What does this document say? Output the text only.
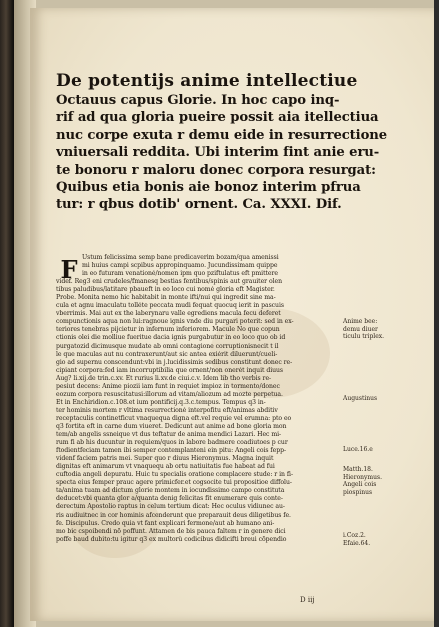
De potentijs anime intellectiue
Octauus capus Glorie. In hoc capo inq-
rif ad qua gloria pueire possit aia itellectiua
nuc corpe exuta r demu eide in resurrectione
vniuersali reddita. Ubi interim fint anie eru-
te bonoru r maloru donec corpora resurgat:
Quibus etia bonis aie bonoz interim pfrua
tur: r qbus dotib' ornent. Ca. XXXI. Dif.
F Ustum felicissima semp bane predicaverim bozam/qua amenissi
mi huius campi scpibus appropinquamo. Jucundissimam quippe
in eo futuram venationé/nomen ipm quo pziftulatus eft pmittere
videf. Reg3 eni crudeles/fmanesq bestias fentibus/spinis aut grauiter olen
tibus paludibus/latitare pbaueft in eo loco cui nomé gloria eft Magister.
Probe. Monita nemo hic habitabit in monte ifti/nui qui ingredit sine ma-
cula et agnu imaculatu tolléte peccata mudi fequat quocuq ierit in pascuis
vberrimis. Mai aut ex the laberynaru valle egrediens macula fecu deferet
compunctionis aqua non lui:ragnoue ignis vnde diu purgari poterit: sed in ex-
teriores tenebras pijcietur in infernum inferiorem. Macule No que copun
ctionis olei die molliue fueritue dacia ignis purgabutur in eo loco quo ob id
purgatozid dicimusque mudate ab omni contagione corruptionisnecit t il
le que maculas aut nu contraxerunt/aut sic antea exiérit diluerunt/cueli-
gio ad supernu conscendunt:vbi in j.lucidissimis sedibus constitunt donec re-
cipiant corpora:fed iam incorruptibilia que ornent/non onerét inquit diuus
Aug? li.xij.de trin.c.xv. Et rurius li.xv.de ciui.c.v. Idem lib tho verbis re-
pesiut decens: Anime piozii iam funt in requiet impioz in tormento/donec
eozum corpora resuscitatusi:illorum ad vitam/aliozum ad mozte perpetua.
Et in Enchiridion.c.108.et ium pontificij.q.3.c.tempus. Tempus q3 in-
ter hominis mortem r vltima resurrectioné interpofitu eft/animas abditiv
receptaculis continetficut vnaquequa digna eft.vel requie vel erumna: pto eo
q3 fortita eft in carne dum viueret. Dedicunt aut anime ad bone gloria mon
tem/ab angelis ssneique vt dus teftatur de anima mendici Lazari. Hec mi-
rum fi ab his ducuntur in requiem/quos in labore badmere coadiutoes p cur
ftodientfeciam tamen ibi semper contemplanteni ein pitu: Angeli cois fepp-
videnf faciem patris mei. Super quo r diuus Hieronymus. Magna inquit
dignitas eft animarum vt vnaquequ ab ortu natiuitatis fue habeat ad fui
cuftodia angeli depuratu. Huic tu specialis oratione complacere stude: r in fi-
specta eius femper prauc agere primicfer.et cogsocite tui propositioe diffolu-
ta/anima tuam ad dictum glorie montem in iocundissimo campo constituta
deducet:vbi quanta glor a/quanta denig felicitas fit enumerare quis conte-
derectum Apostolio raptus in celum tertium dicat: Hec oculus vidiunec au-
ris audiuitnec in cor hominis afcenderunt que preparauit deus diligetibus fe.
fe. Discipulus. Credo quia vt fant explicari fermone/aut ab humano ani-
mo bic cspoibendi nõ poffunt. Attamen de bis pauca faltem r in genere dici
poffe baud dubito:tu igitur q3 ex multorû codicibus didicifti breui cõpendio
Anime bee:
demu diuer
ticulu triplex.
Augustinus
Luce.16.e
Matth.18.
Hieronymus.
Angeli cois
piospinus
i.Coz.2.
Efaie.64.
D iij
